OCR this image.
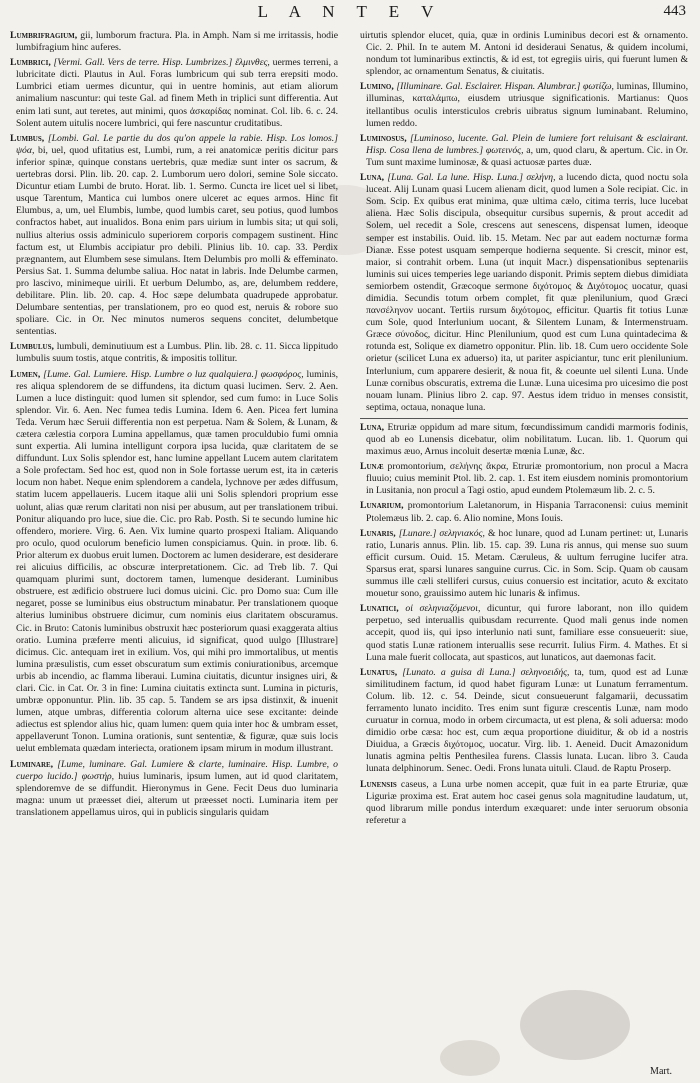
L A N T E V	443

Lumbrifragium, gii, lumborum fractura. Pla. in Amph. Nam si me irritassis, hodie lumbifragium hinc auferes.

Lumbrici, [Vermi. Gall. Vers de terre. Hisp. Lumbrizes.] ἕλμινθες, uermes terreni, a lubricitate dicti. Plautus in Aul. Foras lumbricum qui sub terra erepsiti modo. Lumbrici etiam uermes dicuntur, qui in uentre hominis, aut etiam aliorum animalium nascuntur: qui teste Gal. ad finem Meth in triplici sunt differentia. Aut enim lati sunt, aut teretes, aut minimi, quos ἀσκαρίδας nominat. Col. lib. 6. c. 24. Solent autem uitulis nocere lumbrici, qui fere nascuntur cruditatibus.

Lumbus, [Lombi. Gal. Le partie du dos qu'on appele la rabie. Hisp. Los lomos.] ψόα, bi, uel, quod ufitatius est, Lumbi, rum, a rei anatomicæ peritis dicitur pars inferior spinæ, quinque constans uertebris, quæ mediæ sunt inter os sacrum, & uertebras dorsi. Plin. lib. 20. cap. 2. Lumborum uero dolori, semine Sole siccato. Dicuntur etiam Lumbi de bruto. Horat. lib. 1. Sermo. Cuncta ire licet uel si libet, usque Tarentum, Mantica cui lumbos onere ulceret ac eques armos. Hinc fit Elumbus, a, um, uel Elumbis, lumbe, quod lumbis caret, seu potius, quod lumbos confractos habet, aut inualidos. Bona enim pars uirium in lumbis sita; ut qui soli, nullius alterius ossis adminiculo superiorem corporis compagem sustinent. Hinc factum est, ut Elumbis accipiatur pro debili. Plinius lib. 10. cap. 33. Perdix prægnantem, aut Elumbem sese simulans. Item Delumbis pro molli & effeminato. Persius Sat. 1. Summa delumbe saliua. Hoc natat in labris. Inde Delumbe carmen, pro lascivo, minimeque uirili. Et uerbum Delumbo, as, are, delumbem reddere, debilitare. Plin. lib. 20. cap. 4. Hoc sæpe delumbata quadrupede approbatur. Delumbare sententias, per translationem, pro eo quod est, neruis & robore suo spoliare. Cic. in Or. Nec minutos numeros sequens concitet, delumbetque sententias.

Lumbulus, lumbuli, deminutiuum est a Lumbus. Plin. lib. 28. c. 11. Sicca lippitudo lumbulis suum tostis, atque contritis, & impositis tollitur.

Lumen, [Lume. Gal. Lumiere. Hisp. Lumbre o luz qualquiera.] φωσφόρος, luminis, res aliqua splendorem de se diffundens, ita dictum quasi lucimen. Serv. 2. Aen. Lumen a luce distinguit: quod lumen sit splendor, sed cum fumo: in Luce Solis splendor. Vir. 6. Aen. Nec fumea tedis Lumina. Idem 6. Aen. Picea fert lumina Teda. Verum hæc Seruii differentia non est perpetua. Nam & Solem, & Lunam, & cætera cælestia corpora Lumina appellamus, quæ tamen proculdubio fumi omnia sunt expertia. Ali lumina intelligunt corpora ipsa lucida, quæ claritatem de se diffundunt. Lux Solis splendor est, hanc lumine appellant Lucem autem claritatem a Sole profectam. Sed hoc est, quod non in Sole fortasse uerum est, ita in cæteris locum non habet. Neque enim splendorem a candela, lychnove per ædes diffusum, statim lucem appellaueris. Lucem itaque alii uni Solis splendori proprium esse uolunt, alias quæ rerum claritati non nisi per abusum, aut per translationem tribui. Ponitur aliquando pro luce, siue die. Cic. pro Rab. Posth. Si te secundo lumine hic offendero, moriere. Virg. 6. Aen. Vix lumine quarto prospexi Italiam. Aliquando pro oculo, quod oculorum beneficio lumen conspiciamus. Quin. in proœ. lib. 6. Prior alterum ex duobus eruit lumen. Doctorem ac lumen desiderare, est desiderare rei alicuius difficilis, ac obscuræ interpretationem. Cic. ad Treb lib. 7. Qui quamquam plurimi sunt, doctorem tamen, lumenque desiderant. Luminibus obstruere, est ædificio obstruere luci domus uicini. Cic. pro Domo sua: Cum ille negaret, posse se luminibus eius obstructum minabatur. Per translationem quoque alterius luminibus obstruere dicimur, cum nominis eius claritatem obscuramus. Cic. in Bruto: Catonis luminibus obstruxit hæc posteriorum quasi exaggerata altius oratio. Lumina præferre menti alicuius, id significat, quod uulgo [Illustrare] dicimus. Cic. antequam iret in exilium. Vos, qui mihi pro immortalibus, ut mentis lumina præsulistis, cum esset obscuratum sum extimis coniurationibus, arcemque urbis ab incendio, ac flamma liberaui. Lumina ciuitatis, dicuntur insignes uiri, & clari. Cic. in Cat. Or. 3 in fine: Lumina ciuitatis extincta sunt. Lumina in picturis, umbræ opponuntur. Plin. lib. 35 cap. 5. Tandem se ars ipsa distinxit, & inuenit lumen, atque umbras, differentia colorum alterna uice sese excitante: deinde adiectus est splendor alius hic, quam lumen: quem quia inter hoc & umbram esset, appellaverunt Tonon. Lumina orationis, sunt sententiæ, & figuræ, quæ suis locis uelut emblemata quædam interiecta, orationem ipsam mirum in modum illustrant.

Luminare, [Lume, luminare. Gal. Lumiere & clarte, luminaire. Hisp. Lumbre, o cuerpo lucido.] φωστήρ, huius luminaris, ipsum lumen, aut id quod claritatem, splendoremve de se diffundit. Hieronymus in Gene. Fecit Deus duo luminaria magna: unum ut præesset diei, alterum ut præesset nocti. Luminaria item per translationem appellamus uiros, qui in publicis singularis quidam

uirtutis splendor elucet, quia, quæ in ordinis Luminibus decori est & ornamento. Cic. 2. Phil. In te autem M. Antoni id desideraui Senatus, & quidem incolumi, nondum tot luminaribus extinctis, & id est, tot egregiis uiris, qui fuerunt lumen & splendor, ac ornamentum Senatus, & ciuitatis.

Lumino, [Illuminare. Gal. Esclairer. Hispan. Alumbrar.] φωτίζω, luminas, Illumino, illuminas, καταλάμπω, eiusdem utriusque significationis. Martianus: Quos itellantibus oculis intersticulos crebris uibratus signum luminabant. Relumino, lumen reddo.

Luminosus, [Luminoso, lucente. Gal. Plein de lumiere fort reluisant & esclairant. Hisp. Cosa llena de lumbres.] φωτεινός, a, um, quod claru, & apertum. Cic. in Or. Tum sunt maxime luminosæ, & quasi actuosæ partes duæ.

Luna, [Luna. Gal. La lune. Hisp. Luna.] σελήνη, a lucendo dicta, quod noctu sola luceat. Alij Lunam quasi Lucem alienam dicit, quod lumen a Sole recipiat. Cic. in Som. Scip. Ex quibus erat minima, quæ ultima cælo, citima terris, luce lucebat aliena. Hæc Solis discipula, obsequitur cursibus supernis, & prout accedit ad Solem, uel recedit a Sole, crescens aut senescens, dispensat lumen, ideoque semper est instabilis. Ouid. lib. 15. Metam. Nec par aut eadem nocturnæ forma Dianæ. Esse potest usquam semperque hodierna sequente. Si crescit, minor est, maior, si contrahit orbem. Luna (ut inquit Macr.) dispensationibus septenariis luminis sui uices temperies lege uariando disponit. Primis septem diebus dimidiata semiorbem ostendit, Græcoque sermone διχότομος & Διχότομος uocatur, quasi dimidia. Secundis totum orbem complet, fit quæ plenilunium, quod Græci πανσέληνον uocant. Tertiis rursum διχότομος, efficitur. Quartis fit totius Lunæ cum Sole, quod Interlunium uocant, & Silentem Lunam, & Intermenstruam. Græce σύνοδος, dicitur. Hinc Plenilunium, quod est cum Luna quintadecima & rotunda est, Solique ex diametro opponitur. Plin. lib. 18. Cum uero occidente Sole orietur (scilicet Luna ex aduerso) ita, ut pariter aspiciantur, tunc erit plenilunium. Interlunium, cum apparere desierit, & noua fit, & coeunte uel silenti Luna. Unde Lunæ cornibus obscuratis, extrema die Lunæ. Luna uicesima pro uicesimo die post nouam lunam. Plinius libro 2. cap. 97. Aestus idem triduo in menses consistit, septima, octaua, nonaque luna.

Luna, Etruriæ oppidum ad mare situm, fœcundissimum candidi marmoris fodinis, quod ab eo Lunensis dicebatur, olim nobilitatum. Lucan. lib. 1. Quorum qui maximus æuo, Arnus incoluit desertæ mœnia Lunæ, &c.

Lunæ promontorium, σελήνης ἄκρα, Etruriæ promontorium, non procul a Macra fluuio; cuius meminit Ptol. lib. 2. cap. 1. Est item eiusdem nominis promontorium in Lusitania, non procul a Tagi ostio, apud eundem Ptolemæum lib. 2. c. 5.

Lunarium, promontorium Laletanorum, in Hispania Tarraconensi: cuius meminit Ptolemæus lib. 2. cap. 6. Alio nomine, Mons Iouis.

Lunaris, [Lunare.] σεληνιακός, & hoc lunare, quod ad Lunam pertinet: ut, Lunaris ratio, Lunaris annus. Plin. lib. 15. cap. 39. Luna ris annus, qui mense suo suum efficit cursum. Ouid. 15. Metam. Cæruleus, & uultum ferrugine lucifer atra. Sparsus erat, sparsi lunares sanguine currus. Cic. in Som. Scip. Quam ob causam summus ille cæli stelliferi cursus, cuius conuersio est incitatior, acuto & excitato mouetur sono, grauissimo autem hic lunaris & infimus.

Lunatici, οἱ σεληνιαζόμενοι, dicuntur, qui furore laborant, non illo quidem perpetuo, sed interuallis quibusdam recurrente. Quod mali genus inde nomen accepit, quod iis, qui ipso interlunio nati sunt, familiare esse consueuerit: siue, quod statis Lunæ rationem interuallis sese recurrit. Iulius Firm. 4. Mathes. Et si Luna male fuerit collocata, aut spasticos, aut lunaticos, aut daemonas facit.

Lunatus, [Lunato. a guisa di Luna.] σεληνοειδής, ta, tum, quod est ad Lunæ similitudinem factum, id quod habet figuram Lunæ: ut Lunatum ferramentum. Colum. lib. 12. c. 54. Deinde, sicut consueuerunt falgamarii, decussatim ferramento lunato incidito. Tres enim sunt figuræ crescentis Lunæ, nam modo curuatur in cornua, modo in orbem circumacta, ut est plena, & soli aduersa: modo dimidio orbe cæsa: hoc est, cum æqua proportione diuiditur, & ob id a nostris Diuidua, a Græcis διχότομος, uocatur. Virg. lib. 1. Aeneid. Ducit Amazonidum lunatis agmina peltis Penthesilea furens. Classis lunata. Lucan. libro 3. Cauda lunata delphinorum. Senec. Oedi. Frons lunata uituli. Claud. de Raptu Proserp.

Lunensis caseus, a Luna urbe nomen accepit, quæ fuit in ea parte Etruriæ, quæ Liguriæ proxima est. Erat autem hoc casei genus sola magnitudine laudatum, ut, quod librarum mille pondus interdum exæquaret: unde inter seruorum obsonia referetur a

Mart.
